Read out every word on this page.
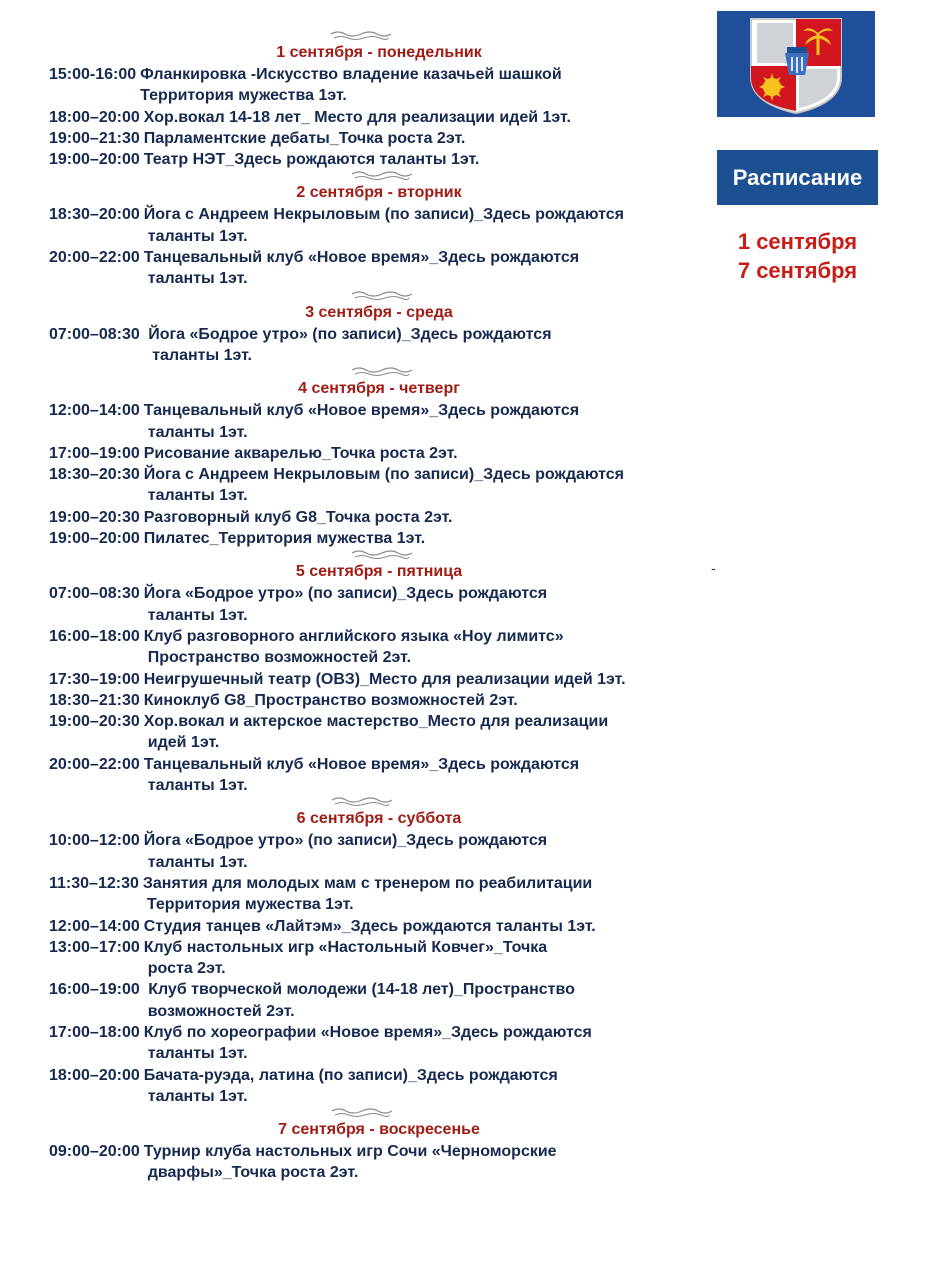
1 сентября - понедельник
15:00-16:00 Фланкировка -Искусство владение казачьей шашкой
Территория мужества 1эт.
18:00–20:00 Хор.вокал 14-18 лет_ Место для реализации идей 1эт.
19:00–21:30 Парламентские дебаты_Точка роста 2эт.
19:00–20:00 Театр НЭТ_Здесь рождаются таланты 1эт.
2 сентября - вторник
18:30–20:00 Йога с Андреем Некрыловым (по записи)_Здесь рождаются
таланты 1эт.
20:00–22:00 Танцевальный клуб «Новое время»_Здесь рождаются
таланты 1эт.
3 сентября - среда
07:00–08:30 Йога «Бодрое утро» (по записи)_Здесь рождаются
таланты 1эт.
4 сентября - четверг
12:00–14:00 Танцевальный клуб «Новое время»_Здесь рождаются
таланты 1эт.
17:00–19:00 Рисование акварелью_Точка роста 2эт.
18:30–20:30 Йога с Андреем Некрыловым (по записи)_Здесь рождаются
таланты 1эт.
19:00–20:30 Разговорный клуб G8_Точка роста 2эт.
19:00–20:00 Пилатес_Территория мужества 1эт.
5 сентября - пятница
07:00–08:30 Йога «Бодрое утро» (по записи)_Здесь рождаются
таланты 1эт.
16:00–18:00 Клуб разговорного английского языка «Ноу лимитс»
Пространство возможностей 2эт.
17:30–19:00 Неигрушечный театр (ОВЗ)_Место для реализации идей 1эт.
18:30–21:30 Киноклуб G8_Пространство возможностей 2эт.
19:00–20:30 Хор.вокал и актерское мастерство_Место для реализации
идей 1эт.
20:00–22:00 Танцевальный клуб «Новое время»_Здесь рождаются
таланты 1эт.
6 сентября - суббота
10:00–12:00 Йога «Бодрое утро» (по записи)_Здесь рождаются
таланты 1эт.
11:30–12:30 Занятия для молодых мам с тренером по реабилитации
Территория мужества 1эт.
12:00–14:00 Студия танцев «Лайтэм»_Здесь рождаются таланты 1эт.
13:00–17:00 Клуб настольных игр «Настольный Ковчег»_Точка
роста 2эт.
16:00–19:00 Клуб творческой молодежи (14-18 лет)_Пространство
возможностей 2эт.
17:00–18:00 Клуб по хореографии «Новое время»_Здесь рождаются
таланты 1эт.
18:00–20:00 Бачата-руэда, латина (по записи)_Здесь рождаются
таланты 1эт.
7 сентября - воскресенье
09:00–20:00 Турнир клуба настольных игр Сочи «Черноморские
дварфы»_Точка роста 2эт.
Расписание
1 сентября
7 сентября
-
